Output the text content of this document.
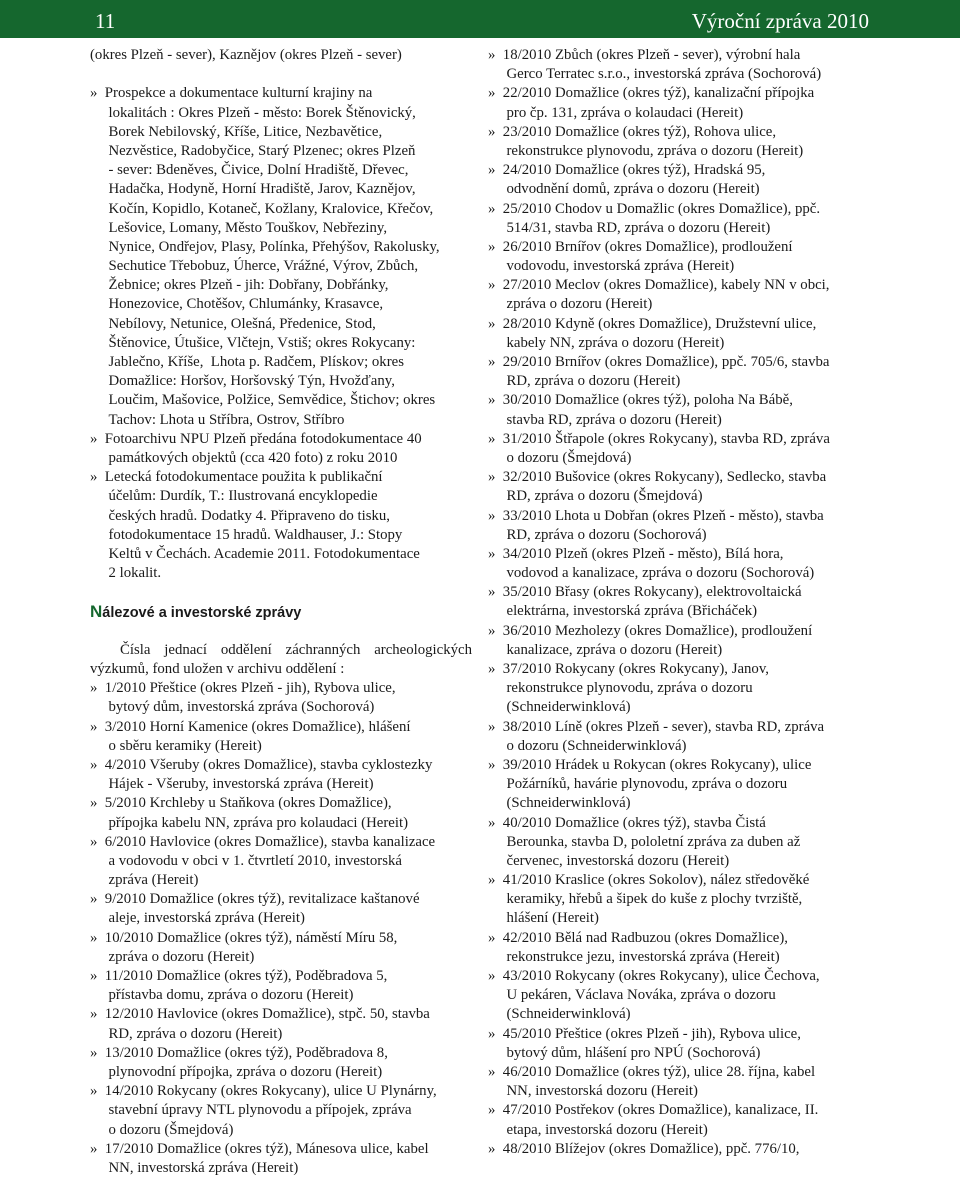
11	Výroční zpráva 2010
(okres Plzeň - sever), Kaznějov (okres Plzeň - sever)
»  Prospekce a dokumentace kulturní krajiny na
lokalitách : Okres Plzeň - město: Borek Štěnovický,
Borek Nebilovský, Kříše, Litice, Nezbavětice,
Nezvěstice, Radobyčice, Starý Plzenec; okres Plzeň
- sever: Bdeněves, Čivice, Dolní Hradiště, Dřevec,
Hadačka, Hodyně, Horní Hradiště, Jarov, Kaznějov,
Kočín, Kopidlo, Kotaneč, Kožlany, Kralovice, Křečov,
Lešovice, Lomany, Město Touškov, Nebřeziny,
Nynice, Ondřejov, Plasy, Polínka, Přehýšov, Rakolusky,
Sechutice Třebobuz, Úherce, Vrážné, Výrov, Zbůch,
Žebnice; okres Plzeň - jih: Dobřany, Dobřánky,
Honezovice, Chotěšov, Chlumánky, Krasavce,
Nebílovy, Netunice, Olešná, Předenice, Stod,
Štěnovice, Útušice, Vlčtejn, Vstiš; okres Rokycany:
Jablečno, Kříše,  Lhota p. Radčem, Plískov; okres
Domažlice: Horšov, Horšovský Týn, Hvožďany,
Loučim, Mašovice, Polžice, Semvědice, Štichov; okres
Tachov: Lhota u Stříbra, Ostrov, Stříbro
»  Fotoarchivu NPU Plzeň předána fotodokumentace 40
památkových objektů (cca 420 foto) z roku 2010
»  Letecká fotodokumentace použita k publikační
účelům: Durdík, T.: Ilustrovaná encyklopedie
českých hradů. Dodatky 4. Připraveno do tisku,
fotodokumentace 15 hradů. Waldhauser, J.: Stopy
Keltů v Čechách. Academie 2011. Fotodokumentace
2 lokalit.
Nálezové a investorské zprávy
Čísla jednací oddělení záchranných archeologických výzkumů, fond uložen v archivu oddělení :
»  1/2010 Přeštice (okres Plzeň - jih), Rybova ulice,
bytový dům, investorská zpráva (Sochorová)
»  3/2010 Horní Kamenice (okres Domažlice), hlášení
o sběru keramiky (Hereit)
»  4/2010 Všeruby (okres Domažlice), stavba cyklostezky
Hájek - Všeruby, investorská zpráva (Hereit)
»  5/2010 Krchleby u Staňkova (okres Domažlice),
přípojka kabelu NN, zpráva pro kolaudaci (Hereit)
»  6/2010 Havlovice (okres Domažlice), stavba kanalizace
a vodovodu v obci v 1. čtvrtletí 2010, investorská
zpráva (Hereit)
»  9/2010 Domažlice (okres týž), revitalizace kaštanové
aleje, investorská zpráva (Hereit)
»  10/2010 Domažlice (okres týž), náměstí Míru 58,
zpráva o dozoru (Hereit)
»  11/2010 Domažlice (okres týž), Poděbradova 5,
přístavba domu, zpráva o dozoru (Hereit)
»  12/2010 Havlovice (okres Domažlice), stpč. 50, stavba
RD, zpráva o dozoru (Hereit)
»  13/2010 Domažlice (okres týž), Poděbradova 8,
plynovodní přípojka, zpráva o dozoru (Hereit)
»  14/2010 Rokycany (okres Rokycany), ulice U Plynárny,
stavební úpravy NTL plynovodu a přípojek, zpráva
o dozoru (Šmejdová)
»  17/2010 Domažlice (okres týž), Mánesova ulice, kabel
NN, investorská zpráva (Hereit)
»  18/2010 Zbůch (okres Plzeň - sever), výrobní hala
Gerco Terratec s.r.o., investorská zpráva (Sochorová)
»  22/2010 Domažlice (okres týž), kanalizační přípojka
pro čp. 131, zpráva o kolaudaci (Hereit)
»  23/2010 Domažlice (okres týž), Rohova ulice,
rekonstrukce plynovodu, zpráva o dozoru (Hereit)
»  24/2010 Domažlice (okres týž), Hradská 95,
odvodnění domů, zpráva o dozoru (Hereit)
»  25/2010 Chodov u Domažlic (okres Domažlice), ppč.
514/31, stavba RD, zpráva o dozoru (Hereit)
»  26/2010 Brnířov (okres Domažlice), prodloužení
vodovodu, investorská zpráva (Hereit)
»  27/2010 Meclov (okres Domažlice), kabely NN v obci,
zpráva o dozoru (Hereit)
»  28/2010 Kdyně (okres Domažlice), Družstevní ulice,
kabely NN, zpráva o dozoru (Hereit)
»  29/2010 Brnířov (okres Domažlice), ppč. 705/6, stavba
RD, zpráva o dozoru (Hereit)
»  30/2010 Domažlice (okres týž), poloha Na Bábě,
stavba RD, zpráva o dozoru (Hereit)
»  31/2010 Štřapole (okres Rokycany), stavba RD, zpráva
o dozoru (Šmejdová)
»  32/2010 Bušovice (okres Rokycany), Sedlecko, stavba
RD, zpráva o dozoru (Šmejdová)
»  33/2010 Lhota u Dobřan (okres Plzeň - město), stavba
RD, zpráva o dozoru (Sochorová)
»  34/2010 Plzeň (okres Plzeň - město), Bílá hora,
vodovod a kanalizace, zpráva o dozoru (Sochorová)
»  35/2010 Břasy (okres Rokycany), elektrovoltaická
elektrárna, investorská zpráva (Břicháček)
»  36/2010 Mezholezy (okres Domažlice), prodloužení
kanalizace, zpráva o dozoru (Hereit)
»  37/2010 Rokycany (okres Rokycany), Janov,
rekonstrukce plynovodu, zpráva o dozoru
(Schneiderwinklová)
»  38/2010 Líně (okres Plzeň - sever), stavba RD, zpráva
o dozoru (Schneiderwinklová)
»  39/2010 Hrádek u Rokycan (okres Rokycany), ulice
Požárníků, havárie plynovodu, zpráva o dozoru
(Schneiderwinklová)
»  40/2010 Domažlice (okres týž), stavba Čistá
Berounka, stavba D, pololetní zpráva za duben až
červenec, investorská dozoru (Hereit)
»  41/2010 Kraslice (okres Sokolov), nález středověké
keramiky, hřebů a šipek do kuše z plochy tvrziště,
hlášení (Hereit)
»  42/2010 Bělá nad Radbuzou (okres Domažlice),
rekonstrukce jezu, investorská zpráva (Hereit)
»  43/2010 Rokycany (okres Rokycany), ulice Čechova,
U pekáren, Václava Nováka, zpráva o dozoru
(Schneiderwinklová)
»  45/2010 Přeštice (okres Plzeň - jih), Rybova ulice,
bytový dům, hlášení pro NPÚ (Sochorová)
»  46/2010 Domažlice (okres týž), ulice 28. října, kabel
NN, investorská dozoru (Hereit)
»  47/2010 Postřekov (okres Domažlice), kanalizace, II.
etapa, investorská dozoru (Hereit)
»  48/2010 Blížejov (okres Domažlice), ppč. 776/10,
